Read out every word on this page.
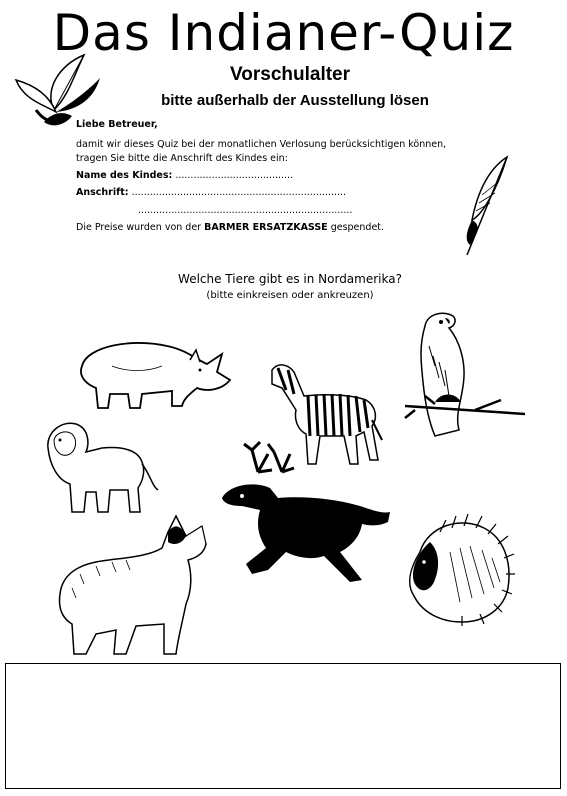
Das Indianer-Quiz
Vorschulalter
bitte außerhalb der Ausstellung lösen
Liebe Betreuer,
damit wir dieses Quiz bei der monatlichen Verlosung berücksichtigen können,
tragen Sie bitte die Anschrift des Kindes ein:
Name des Kindes: .......................................
Anschrift: .......................................................................
.......................................................................
Die Preise wurden von der BARMER ERSATZKASSE gespendet.
Welche Tiere gibt es in Nordamerika?
(bitte einkreisen oder ankreuzen)
